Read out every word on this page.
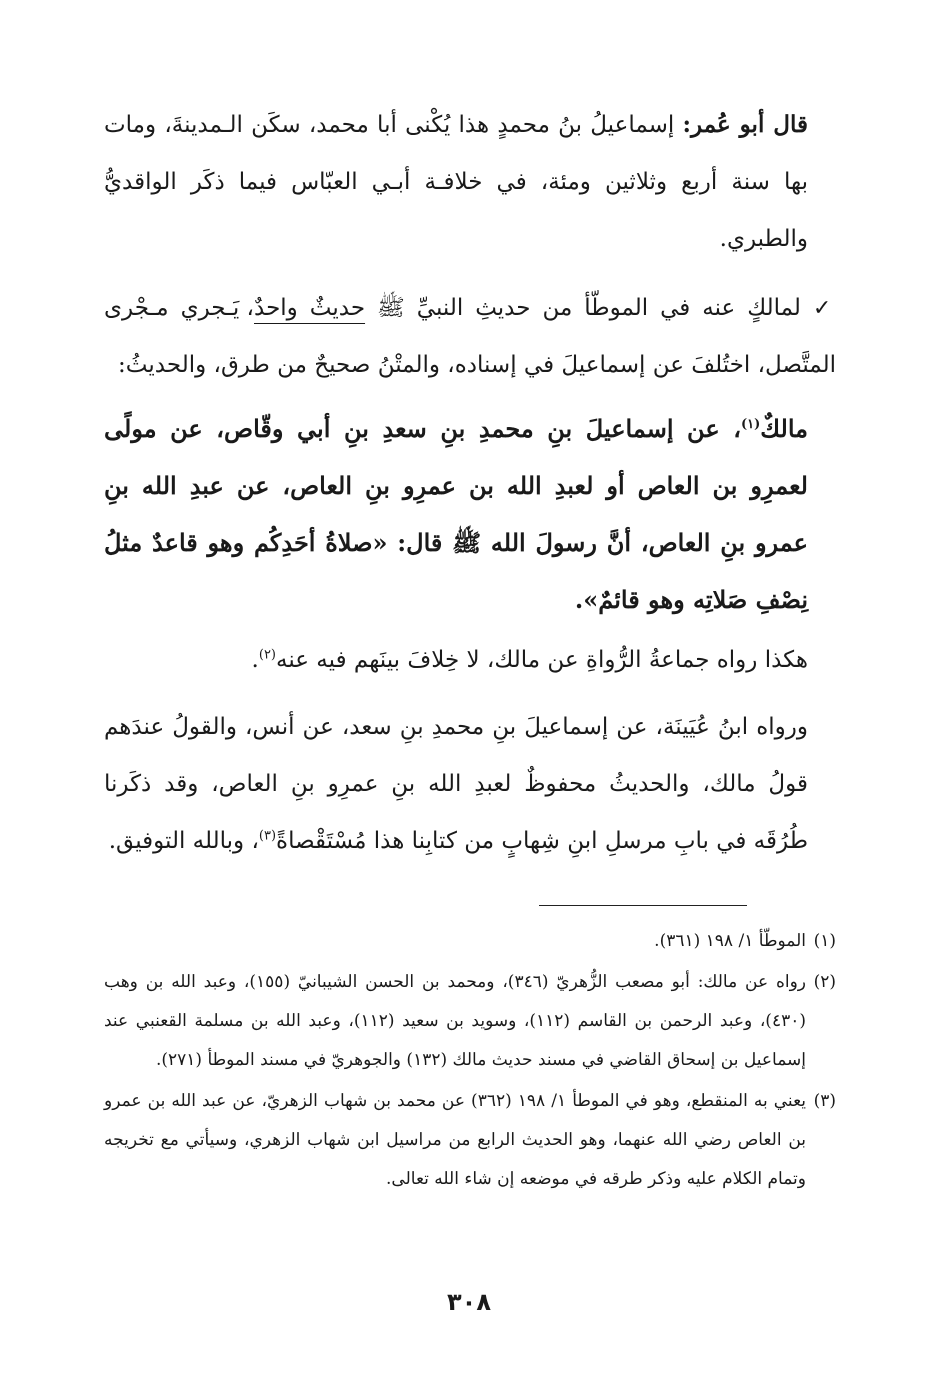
قال أبو عُمر: إسماعيلُ بنُ محمدٍ هذا يُكْنى أبا محمد، سكَن الـمدينةَ، ومات بها سنة أربع وثلاثين ومئة، في خلافـة أبـي العبّاس فيما ذكَر الواقديُّ والطبري.

✓ لمالكٍ عنه في الموطّأ من حديثِ النبيِّ ﷺ حديثٌ واحدٌ، يَـجري مـجْرى المتَّصل، اختُلفَ عن إسماعيلَ في إسناده، والمتْنُ صحيحٌ من طرق، والحديثُ:

مالكٌ$^{(١)}$، عن إسماعيلَ بنِ محمدِ بنِ سعدِ بنِ أبي وقّاص، عن مولًى لعمرِو بن العاص أو لعبدِ الله بن عمرِو بنِ العاص، عن عبدِ الله بنِ عمرو بنِ العاص، أنَّ رسولَ الله ﷺ قال: «صلاةُ أحَدِكُم وهو قاعدٌ مثلُ نِصْفِ صَلاتِه وهو قائمٌ».

هكذا رواه جماعةُ الرُّواةِ عن مالك، لا خِلافَ بينَهم فيه عنه$^{(٢)}$.

ورواه ابنُ عُيَينَة، عن إسماعيلَ بنِ محمدِ بنِ سعد، عن أنس، والقولُ عندَهم قولُ مالك، والحديثُ محفوظٌ لعبدِ الله بنِ عمرِو بنِ العاص، وقد ذكَرنا طُرُقَه في بابِ مرسلِ ابنِ شِهابٍ من كتابِنا هذا مُسْتَقْصاةً$^{(٣)}$، وبالله التوفيق.

(١)
الموطّأ ١/ ١٩٨ (٣٦١).
(٢)
رواه عن مالك: أبو مصعب الزُّهريّ (٣٤٦)، ومحمد بن الحسن الشيبانيّ (١٥٥)، وعبد الله بن وهب (٤٣٠)، وعبد الرحمن بن القاسم (١١٢)، وسويد بن سعيد (١١٢)، وعبد الله بن مسلمة القعنبي عند إسماعيل بن إسحاق القاضي في مسند حديث مالك (١٣٢) والجوهريّ في مسند الموطأ (٢٧١).
(٣)
يعني به المنقطع، وهو في الموطأ ١/ ١٩٨ (٣٦٢) عن محمد بن شهاب الزهريّ، عن عبد الله بن عمرو بن العاص رضي الله عنهما، وهو الحديث الرابع من مراسيل ابن شهاب الزهري، وسيأتي مع تخريجه وتمام الكلام عليه وذكر طرقه في موضعه إن شاء الله تعالى.
٣٠٨
